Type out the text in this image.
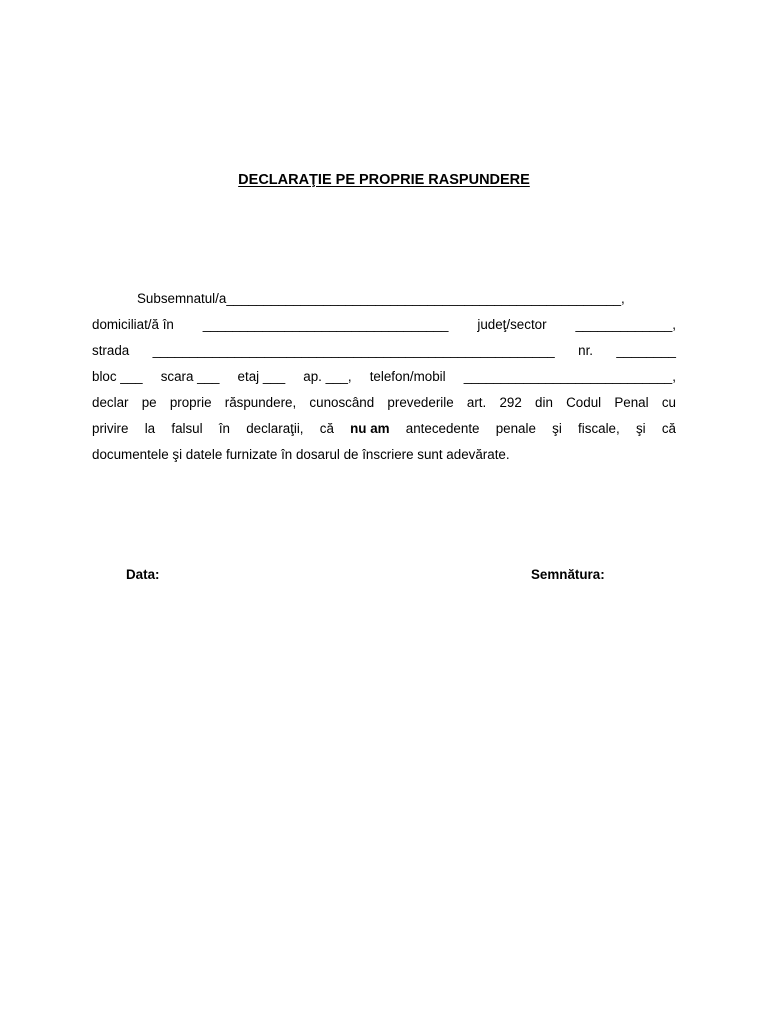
DECLARAŢIE PE PROPRIE RASPUNDERE
Subsemnatul/a_____________________________________________________,
domiciliat/ă în _________________________________ judeţ/sector _____________,
strada ______________________________________________________ nr. ________
bloc ___ scara ___ etaj ___ ap. ___, telefon/mobil ____________________________,
declar pe proprie răspundere, cunoscând prevederile art. 292 din Codul Penal cu
privire la falsul în declaraţii, că nu am antecedente penale şi fiscale, şi că
documentele şi datele furnizate în dosarul de înscriere sunt adevărate.
Data:	Semnătura:
